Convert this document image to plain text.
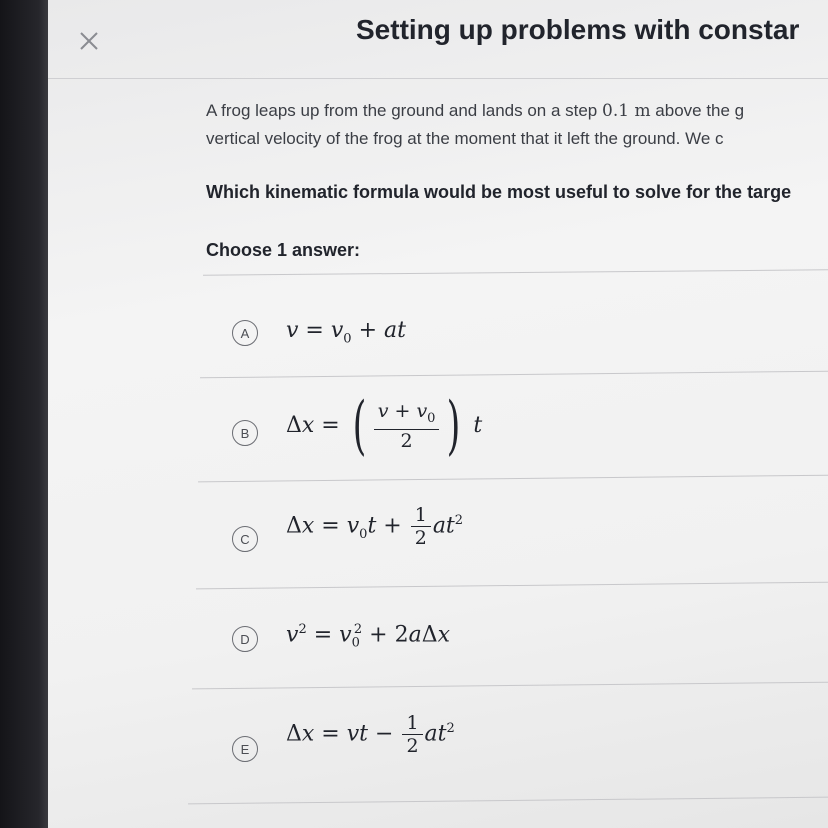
Setting up problems with constar
A frog leaps up from the ground and lands on a step 0.1 m above the g
vertical velocity of the frog at the moment that it left the ground. We c
Which kinematic formula would be most useful to solve for the targe
Choose 1 answer:
A	$v = v_0$ + at
B	Δx = ( $\frac{v + v_0}{2}$ ) t
C
$\Delta x = v_0t + \frac{1}{2} at^2$
D	$v^2 = v_0^2 + 2a\Delta x$
E
Δx = vt − $\frac{1}{2} at^2$
